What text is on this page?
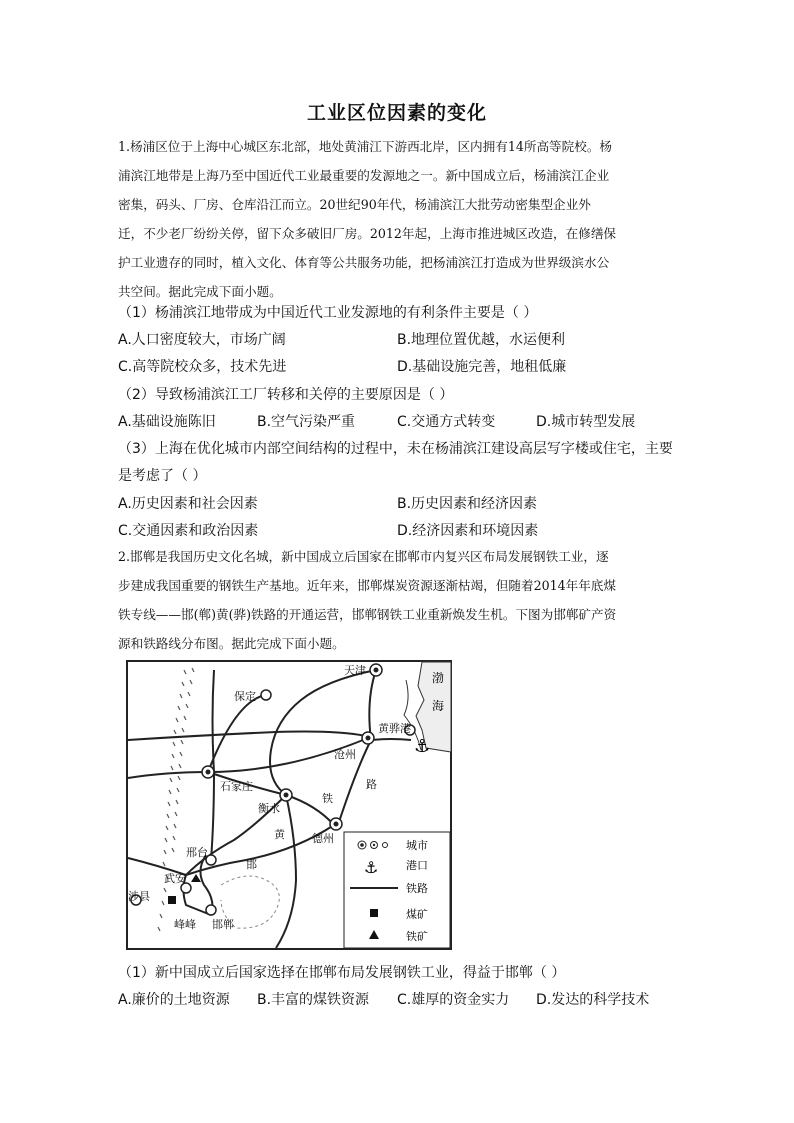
工业区位因素的变化
1.杨浦区位于上海中心城区东北部，地处黄浦江下游西北岸，区内拥有14所高等院校。杨
浦滨江地带是上海乃至中国近代工业最重要的发源地之一。新中国成立后，杨浦滨江企业
密集，码头、厂房、仓库沿江而立。20世纪90年代，杨浦滨江大批劳动密集型企业外
迁，不少老厂纷纷关停，留下众多破旧厂房。2012年起，上海市推进城区改造，在修缮保
护工业遗存的同时，植入文化、体育等公共服务功能，把杨浦滨江打造成为世界级滨水公
共空间。据此完成下面小题。
（1）杨浦滨江地带成为中国近代工业发源地的有利条件主要是（ ）
A.人口密度较大，市场广阔	B.地理位置优越，水运便利
C.高等院校众多，技术先进	D.基础设施完善，地租低廉
（2）导致杨浦滨江工厂转移和关停的主要原因是（ ）
A.基础设施陈旧	B.空气污染严重	C.交通方式转变	D.城市转型发展
（3）上海在优化城市内部空间结构的过程中，未在杨浦滨江建设高层写字楼或住宅，主要
是考虑了（ ）
A.历史因素和社会因素	B.历史因素和经济因素
C.交通因素和政治因素	D.经济因素和环境因素
2.邯郸是我国历史文化名城，新中国成立后国家在邯郸市内复兴区布局发展钢铁工业，逐
步建成我国重要的钢铁生产基地。近年来，邯郸煤炭资源逐渐枯竭，但随着2014年年底煤
铁专线——邯(郸)黄(骅)铁路的开通运营，邯郸钢铁工业重新焕发生机。下图为邯郸矿产资
源和铁路线分布图。据此完成下面小题。
渤
海
⚓
天津
保定
黄骅港
沧州
石家庄
衡水
德州
邢台
武安
涉县
峰峰 邯郸
路
铁
黄
邯
城市
⚓	港口
铁路
煤矿
铁矿
（1）新中国成立后国家选择在邯郸布局发展钢铁工业，得益于邯郸（ ）
A.廉价的土地资源 B.丰富的煤铁资源 C.雄厚的资金实力 D.发达的科学技术
